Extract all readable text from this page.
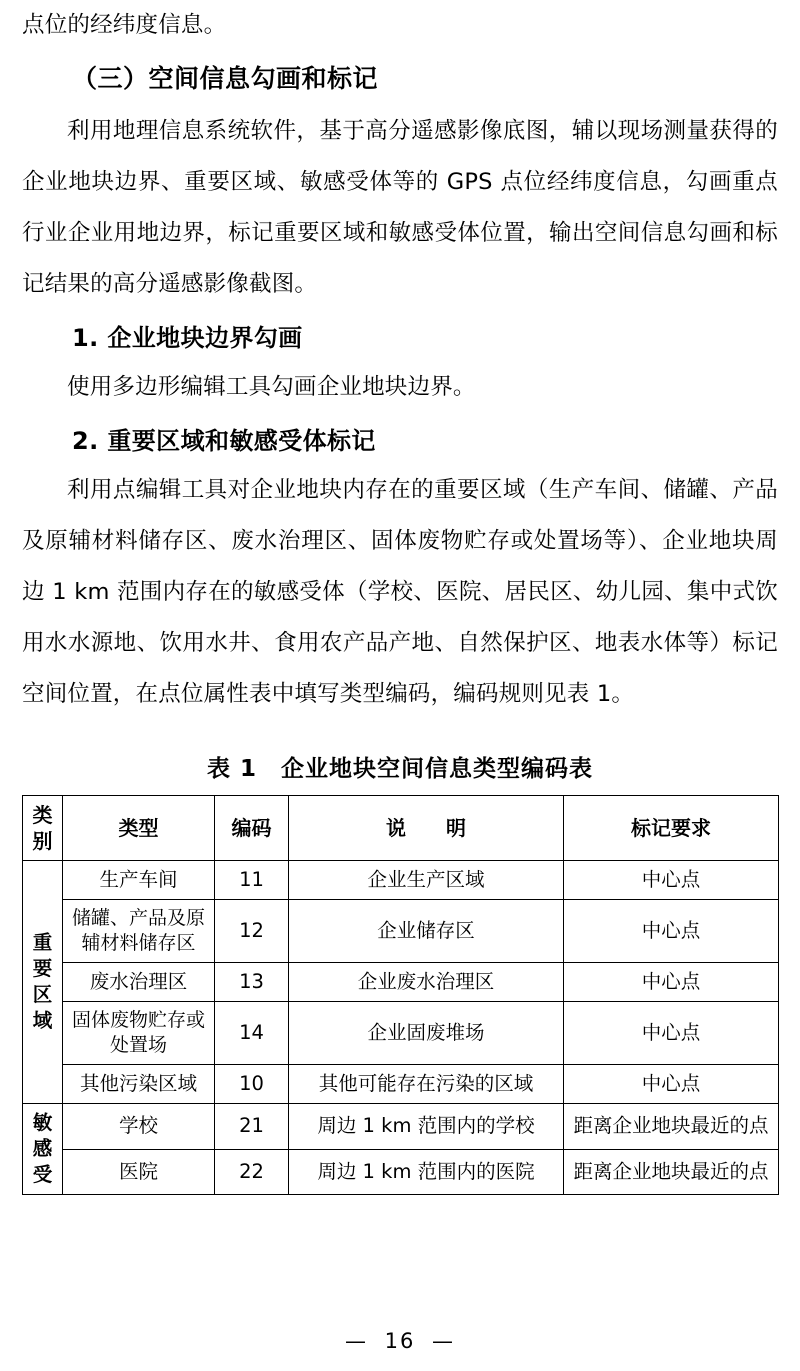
点位的经纬度信息。

（三）空间信息勾画和标记

利用地理信息系统软件，基于高分遥感影像底图，辅以现场测量获得的企业地块边界、重要区域、敏感受体等的 GPS 点位经纬度信息，勾画重点行业企业用地边界，标记重要区域和敏感受体位置，输出空间信息勾画和标记结果的高分遥感影像截图。

1. 企业地块边界勾画

使用多边形编辑工具勾画企业地块边界。

2. 重要区域和敏感受体标记

利用点编辑工具对企业地块内存在的重要区域（生产车间、储罐、产品及原辅材料储存区、废水治理区、固体废物贮存或处置场等）、企业地块周边 1 km 范围内存在的敏感受体（学校、医院、居民区、幼儿园、集中式饮用水水源地、饮用水井、食用农产品产地、自然保护区、地表水体等）标记空间位置，在点位属性表中填写类型编码，编码规则见表 1。

表 1　企业地块空间信息类型编码表
类别	类型	编码	说　　明	标记要求
重要区域	生产车间	11	企业生产区域	中心点
	储罐、产品及原辅材料储存区	12	企业储存区	中心点
	废水治理区	13	企业废水治理区	中心点
	固体废物贮存或处置场	14	企业固废堆场	中心点
	其他污染区域	10	其他可能存在污染的区域	中心点
敏感受	学校	21	周边 1 km 范围内的学校	距离企业地块最近的点
	医院	22	周边 1 km 范围内的医院	距离企业地块最近的点
— 16 —
